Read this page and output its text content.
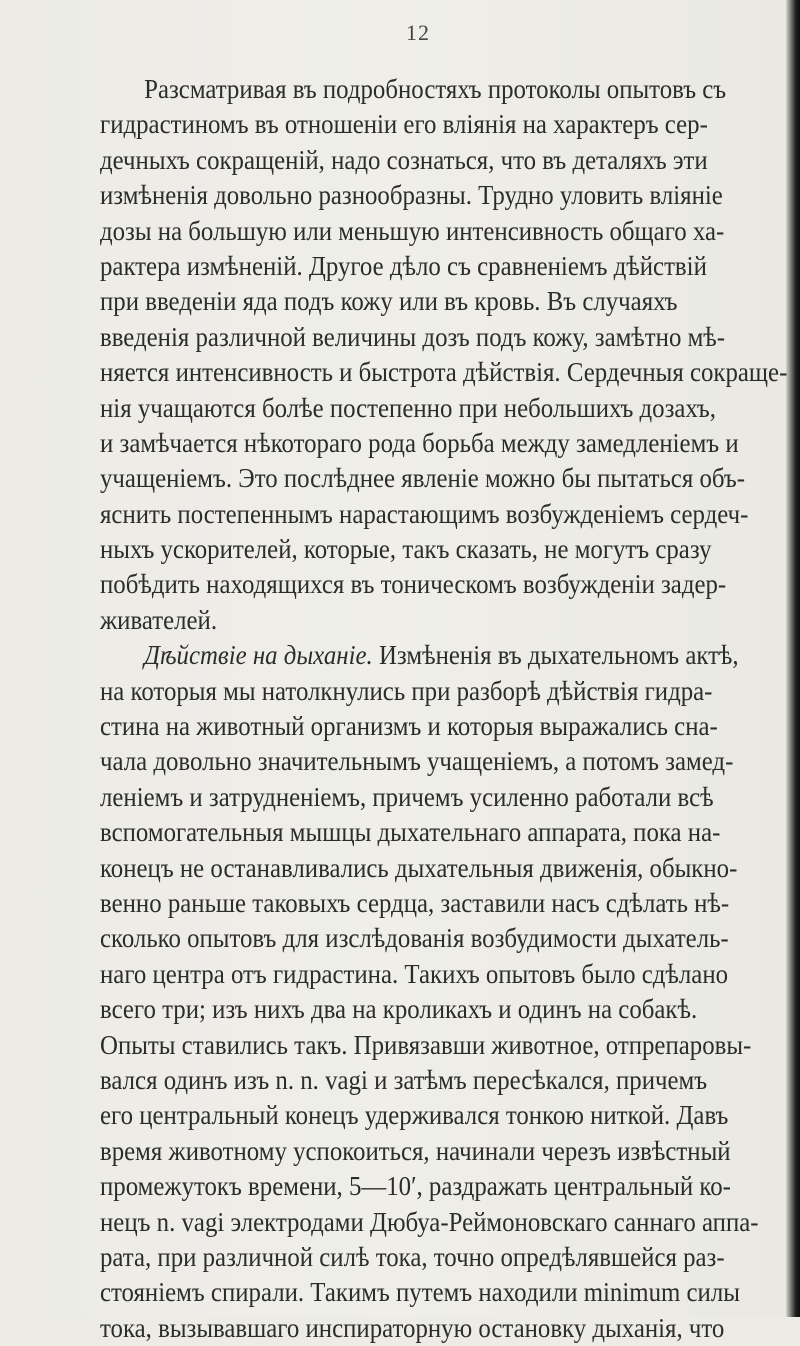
12
Разсматривая въ подробностяхъ протоколы опытовъ съ
гидрастиномъ въ отношеніи его вліянія на характеръ сер-
дечныхъ сокращеній, надо сознаться, что въ деталяхъ эти
измѣненія довольно разнообразны. Трудно уловить вліяніе
дозы на большую или меньшую интенсивность общаго ха-
рактера измѣненій. Другое дѣло съ сравненіемъ дѣйствій
при введеніи яда подъ кожу или въ кровь. Въ случаяхъ
введенія различной величины дозъ подъ кожу, замѣтно мѣ-
няется интенсивность и быстрота дѣйствія. Сердечныя сокраще-
нія учащаются болѣе постепенно при небольшихъ дозахъ,
и замѣчается нѣкотораго рода борьба между замедленіемъ и
учащеніемъ. Это послѣднее явленіе можно бы пытаться объ-
яснить постепеннымъ нарастающимъ возбужденіемъ сердеч-
ныхъ ускорителей, которые, такъ сказать, не могутъ сразу
побѣдить находящихся въ тоническомъ возбужденіи задер-
живателей.
Дѣйствіе на дыханіе. Измѣненія въ дыхательномъ актѣ,
на которыя мы натолкнулись при разборѣ дѣйствія гидра-
стина на животный организмъ и которыя выражались сна-
чала довольно значительнымъ учащеніемъ, а потомъ замед-
леніемъ и затрудненіемъ, причемъ усиленно работали всѣ
вспомогательныя мышцы дыхательнаго аппарата, пока на-
конецъ не останавливались дыхательныя движенія, обыкно-
венно раньше таковыхъ сердца, заставили насъ сдѣлать нѣ-
сколько опытовъ для изслѣдованія возбудимости дыхатель-
наго центра отъ гидрастина. Такихъ опытовъ было сдѣлано
всего три; изъ нихъ два на кроликахъ и одинъ на собакѣ.
Опыты ставились такъ. Привязавши животное, отпрепаровы-
вался одинъ изъ n. n. vagi и затѣмъ пересѣкался, причемъ
его центральный конецъ удерживался тонкою ниткой. Давъ
время животному успокоиться, начинали черезъ извѣстный
промежутокъ времени, 5—10′, раздражать центральный ко-
нецъ n. vagi электродами Дюбуа-Реймоновскаго саннаго аппа-
рата, при различной силѣ тока, точно опредѣлявшейся раз-
стояніемъ спирали. Такимъ путемъ находили minimum силы
тока, вызывавшаго инспираторную остановку дыханія, что
